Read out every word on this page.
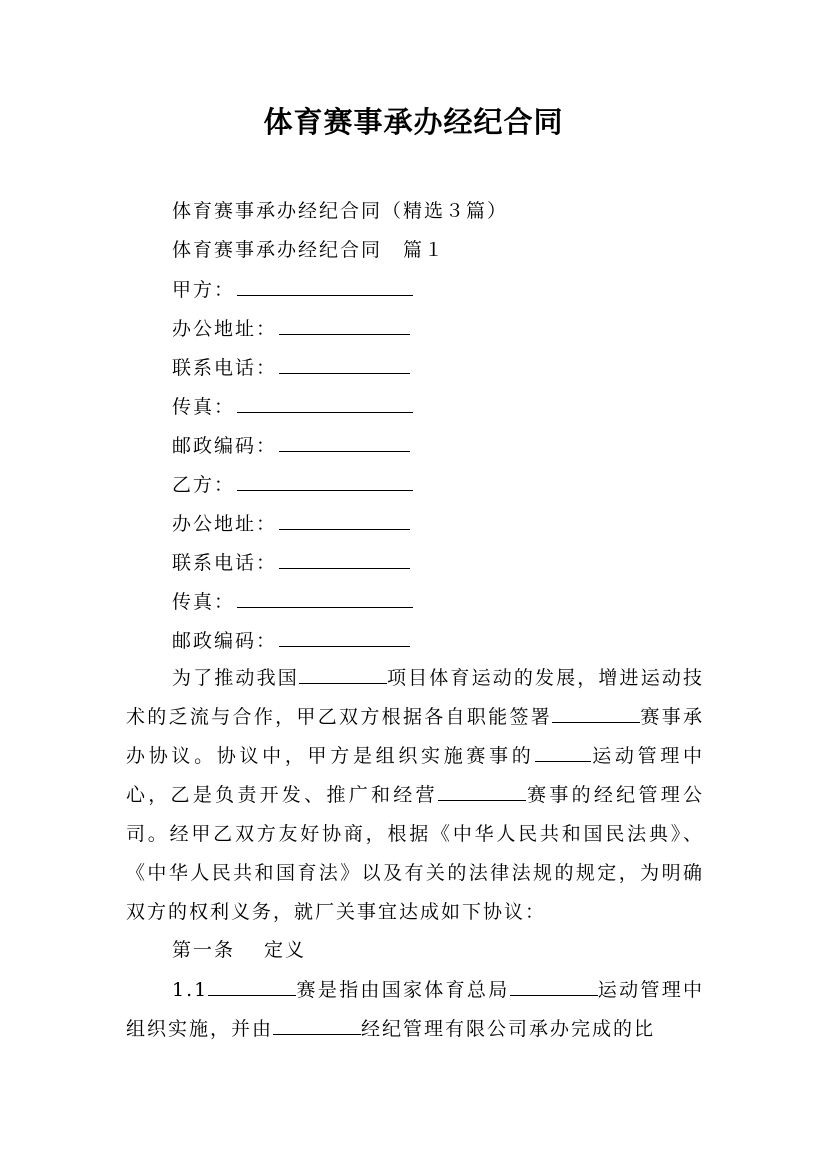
体育赛事承办经纪合同
体育赛事承办经纪合同（精选３篇）
体育赛事承办经纪合同　篇１
甲方：
办公地址：
联系电话：
传真：
邮政编码：
乙方：
办公地址：
联系电话：
传真：
邮政编码：
为了推动我国	项目体育运动的发展，增进运动技术的乏流与合作，甲乙双方根据各自职能签署	赛事承办协议。协议中，甲方是组织实施赛事的	运动管理中心，乙是负责开发、推广和经营	赛事的经纪管理公司。经甲乙双方友好协商，根据《中华人民共和国民法典》、《中华人民共和国育法》以及有关的法律法规的规定，为明确双方的权利义务，就厂关事宜达成如下协议：
第一条　 定义
1.1	赛是指由国家体育总局	运动管理中组织实施，并由	经纪管理有限公司承办完成的比
